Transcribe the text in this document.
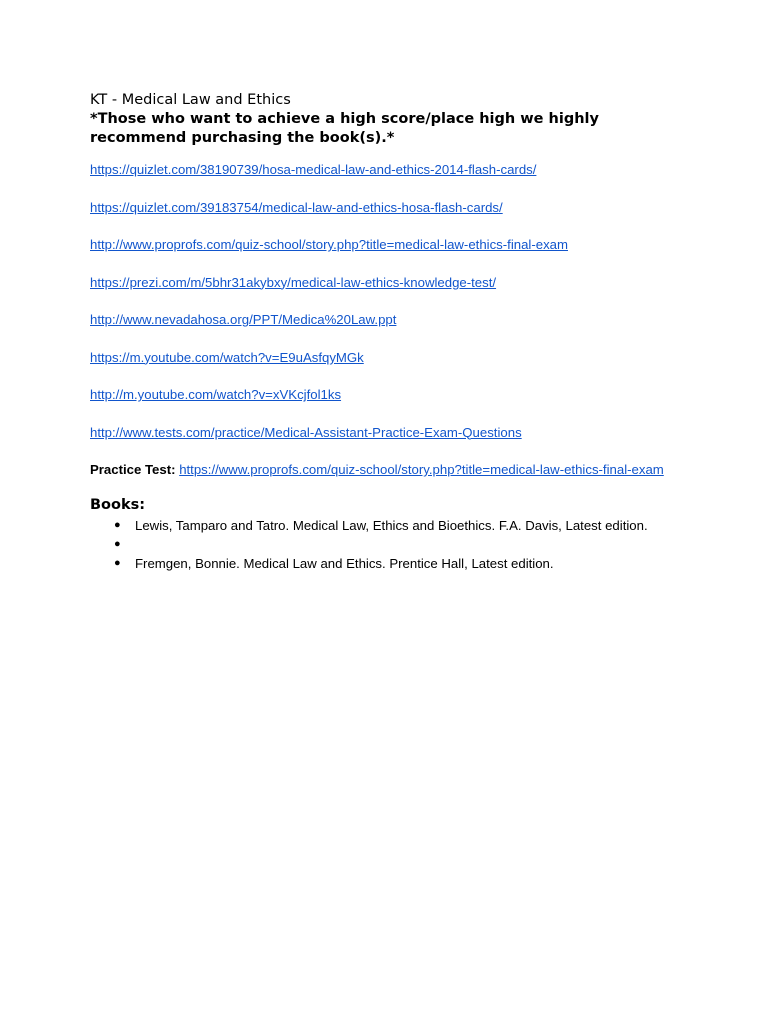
KT - Medical Law and Ethics

*Those who want to achieve a high score/place high we highly recommend purchasing the book(s).*

https://quizlet.com/38190739/hosa-medical-law-and-ethics-2014-flash-cards/
https://quizlet.com/39183754/medical-law-and-ethics-hosa-flash-cards/
http://www.proprofs.com/quiz-school/story.php?title=medical-law-ethics-final-exam
https://prezi.com/m/5bhr31akybxy/medical-law-ethics-knowledge-test/
http://www.nevadahosa.org/PPT/Medica%20Law.ppt
https://m.youtube.com/watch?v=E9uAsfqyMGk
http://m.youtube.com/watch?v=xVKcjfol1ks
http://www.tests.com/practice/Medical-Assistant-Practice-Exam-Questions

Practice Test: https://www.proprofs.com/quiz-school/story.php?title=medical-law-ethics-final-exam

Books:
● Lewis, Tamparo and Tatro. Medical Law, Ethics and Bioethics. F.A. Davis, Latest edition.
●
● Fremgen, Bonnie. Medical Law and Ethics. Prentice Hall, Latest edition.
